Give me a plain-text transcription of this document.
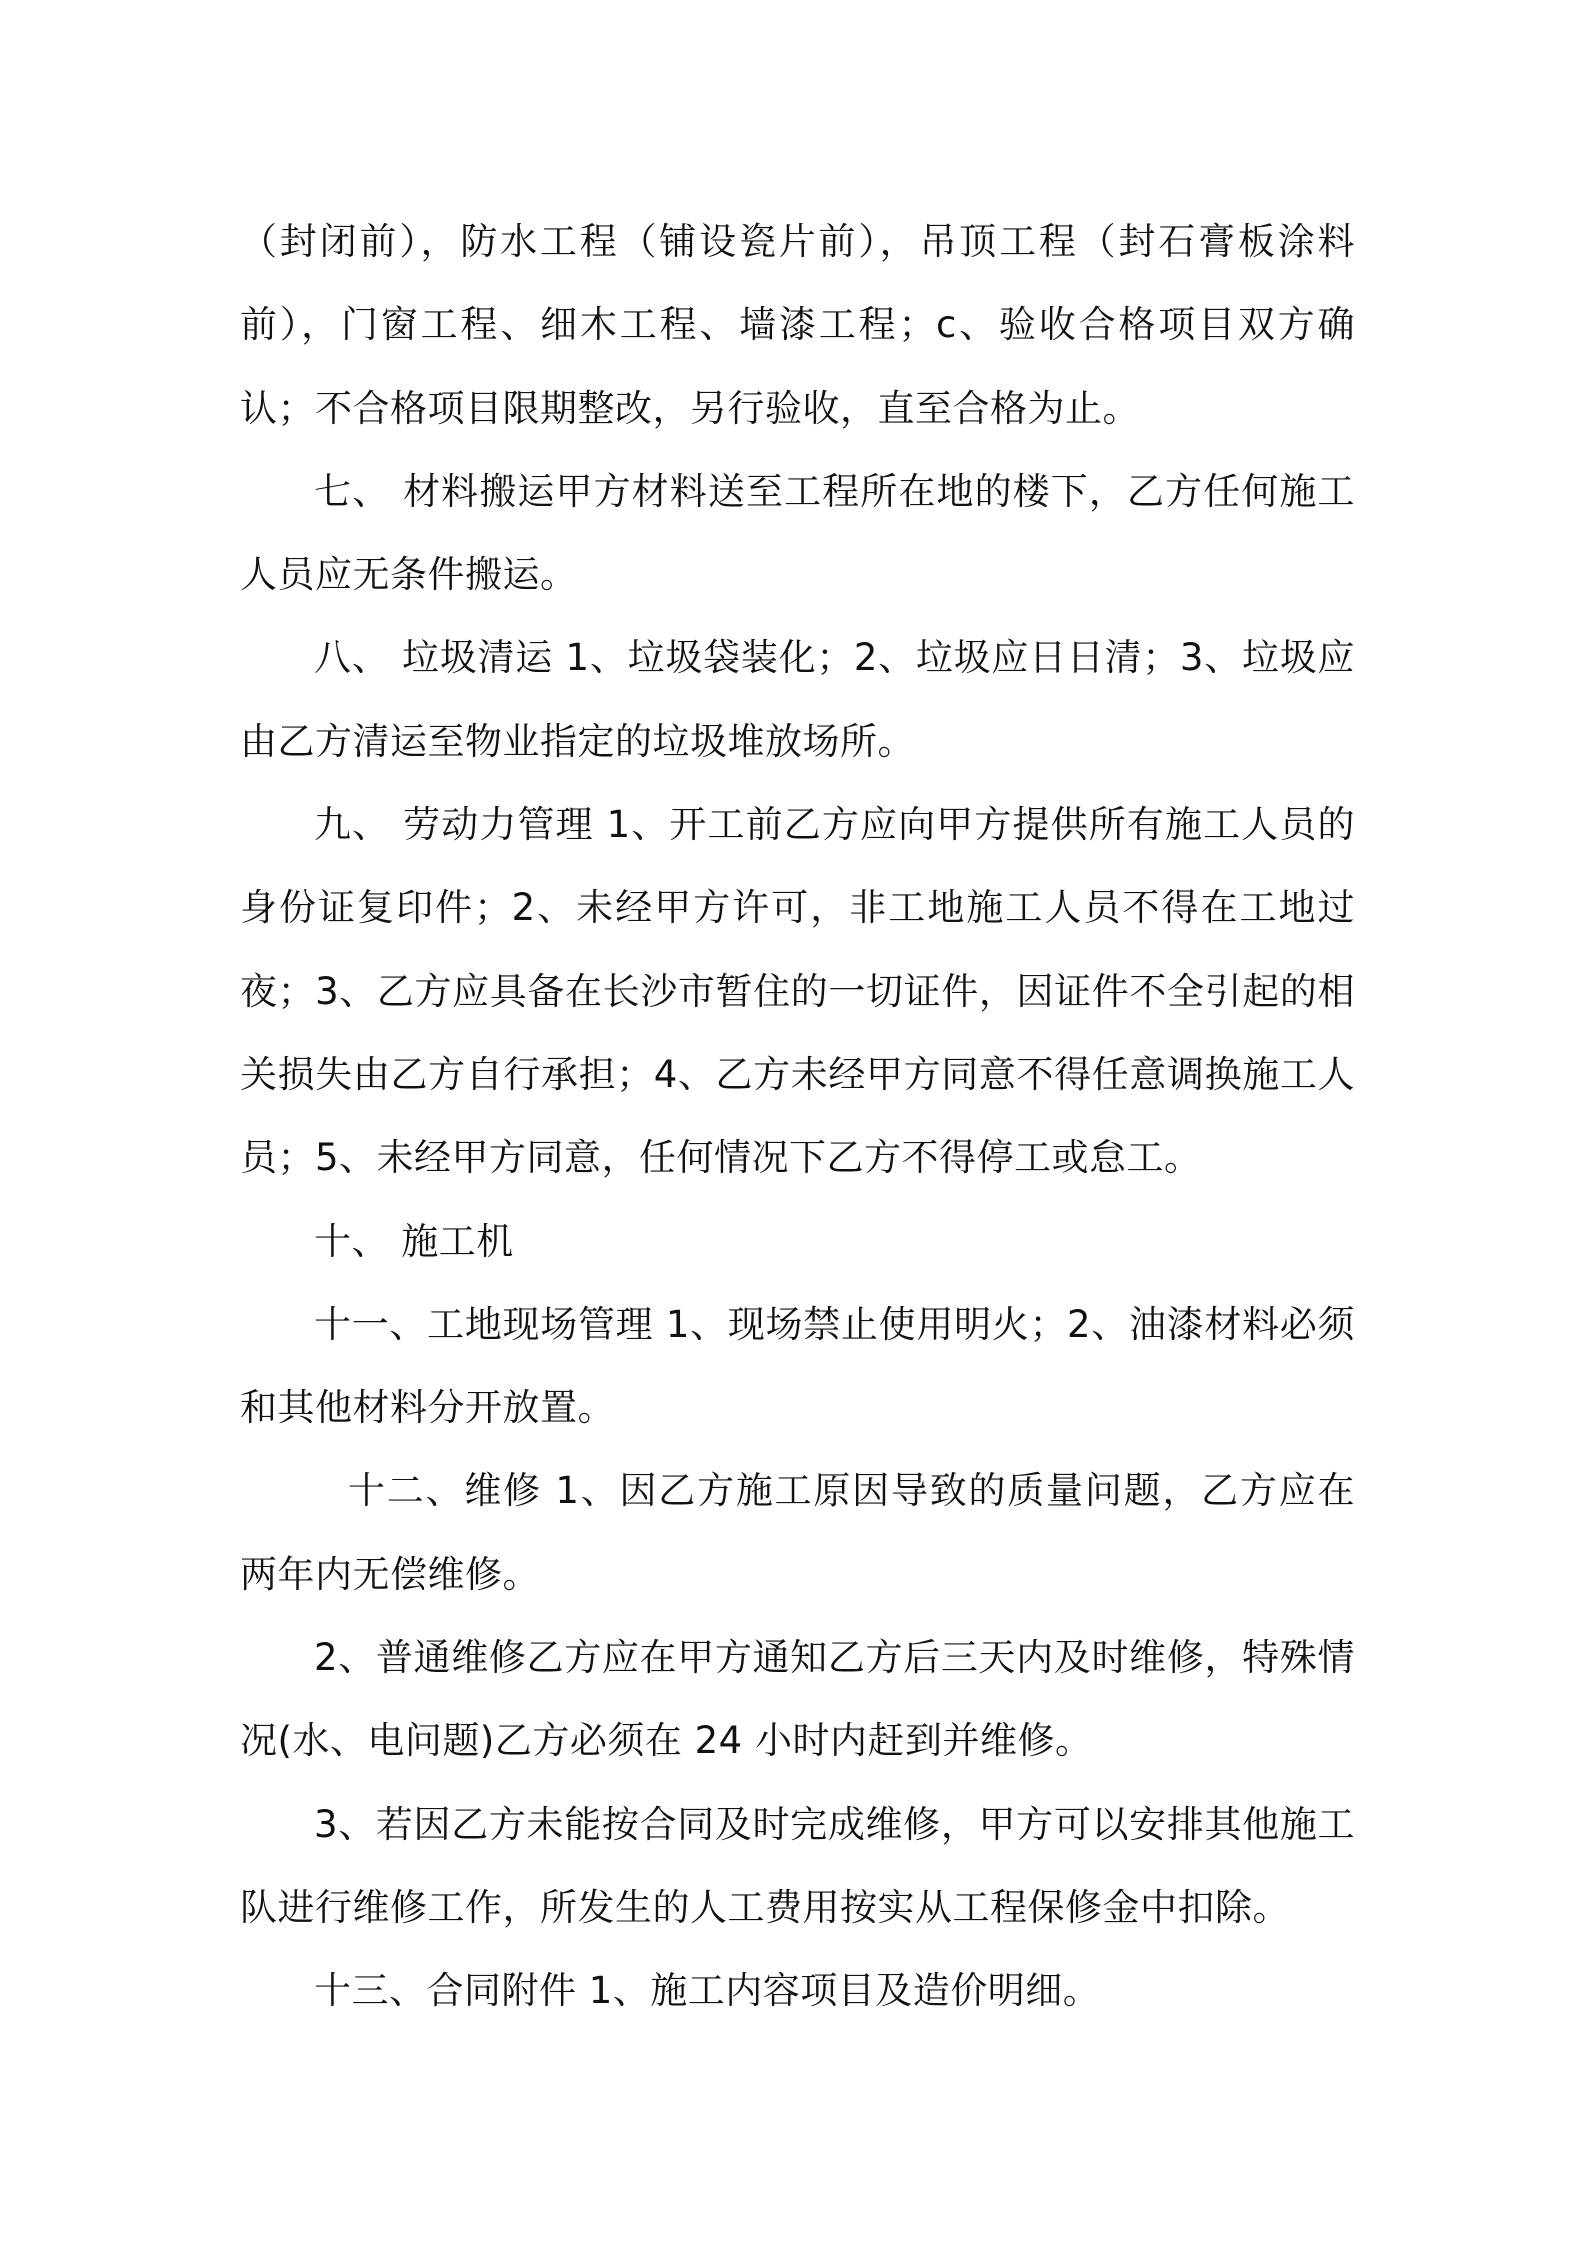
（封闭前），防水工程（铺设瓷片前），吊顶工程（封石膏板涂料前），门窗工程、细木工程、墙漆工程；c、验收合格项目双方确认；不合格项目限期整改，另行验收，直至合格为止。

七、 材料搬运甲方材料送至工程所在地的楼下，乙方任何施工人员应无条件搬运。

八、 垃圾清运 1、垃圾袋装化；2、垃圾应日日清；3、垃圾应由乙方清运至物业指定的垃圾堆放场所。

九、 劳动力管理 1、开工前乙方应向甲方提供所有施工人员的身份证复印件；2、未经甲方许可，非工地施工人员不得在工地过夜；3、乙方应具备在长沙市暂住的一切证件，因证件不全引起的相关损失由乙方自行承担；4、乙方未经甲方同意不得任意调换施工人员；5、未经甲方同意，任何情况下乙方不得停工或怠工。

十、 施工机

十一、工地现场管理 1、现场禁止使用明火；2、油漆材料必须和其他材料分开放置。

十二、维修 1、因乙方施工原因导致的质量问题，乙方应在两年内无偿维修。

2、普通维修乙方应在甲方通知乙方后三天内及时维修，特殊情况(水、电问题)乙方必须在 24 小时内赶到并维修。

3、若因乙方未能按合同及时完成维修，甲方可以安排其他施工队进行维修工作，所发生的人工费用按实从工程保修金中扣除。

十三、合同附件 1、施工内容项目及造价明细。
